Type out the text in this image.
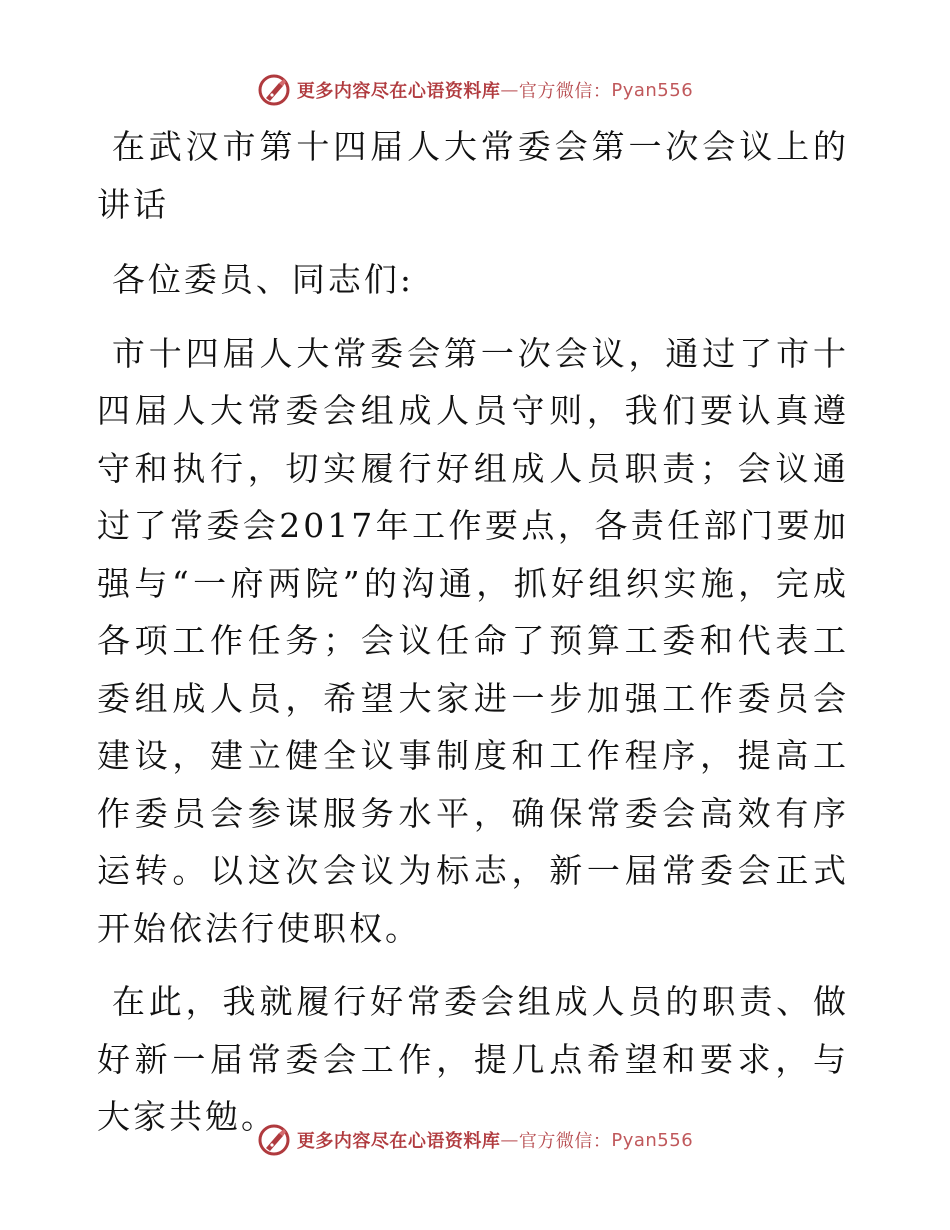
更多内容尽在心语资料库 — 官方微信： Pyan556

在武汉市第十四届人大常委会第一次会议上的讲话

各位委员、同志们:

市十四届人大常委会第一次会议，通过了市十四届人大常委会组成人员守则，我们要认真遵守和执行，切实履行好组成人员职责；会议通过了常委会2017年工作要点，各责任部门要加强与“一府两院”的沟通，抓好组织实施，完成各项工作任务；会议任命了预算工委和代表工委组成人员，希望大家进一步加强工作委员会建设，建立健全议事制度和工作程序，提高工作委员会参谋服务水平，确保常委会高效有序运转。以这次会议为标志，新一届常委会正式开始依法行使职权。

在此，我就履行好常委会组成人员的职责、做好新一届常委会工作，提几点希望和要求，与大家共勉。

更多内容尽在心语资料库 — 官方微信： Pyan556
